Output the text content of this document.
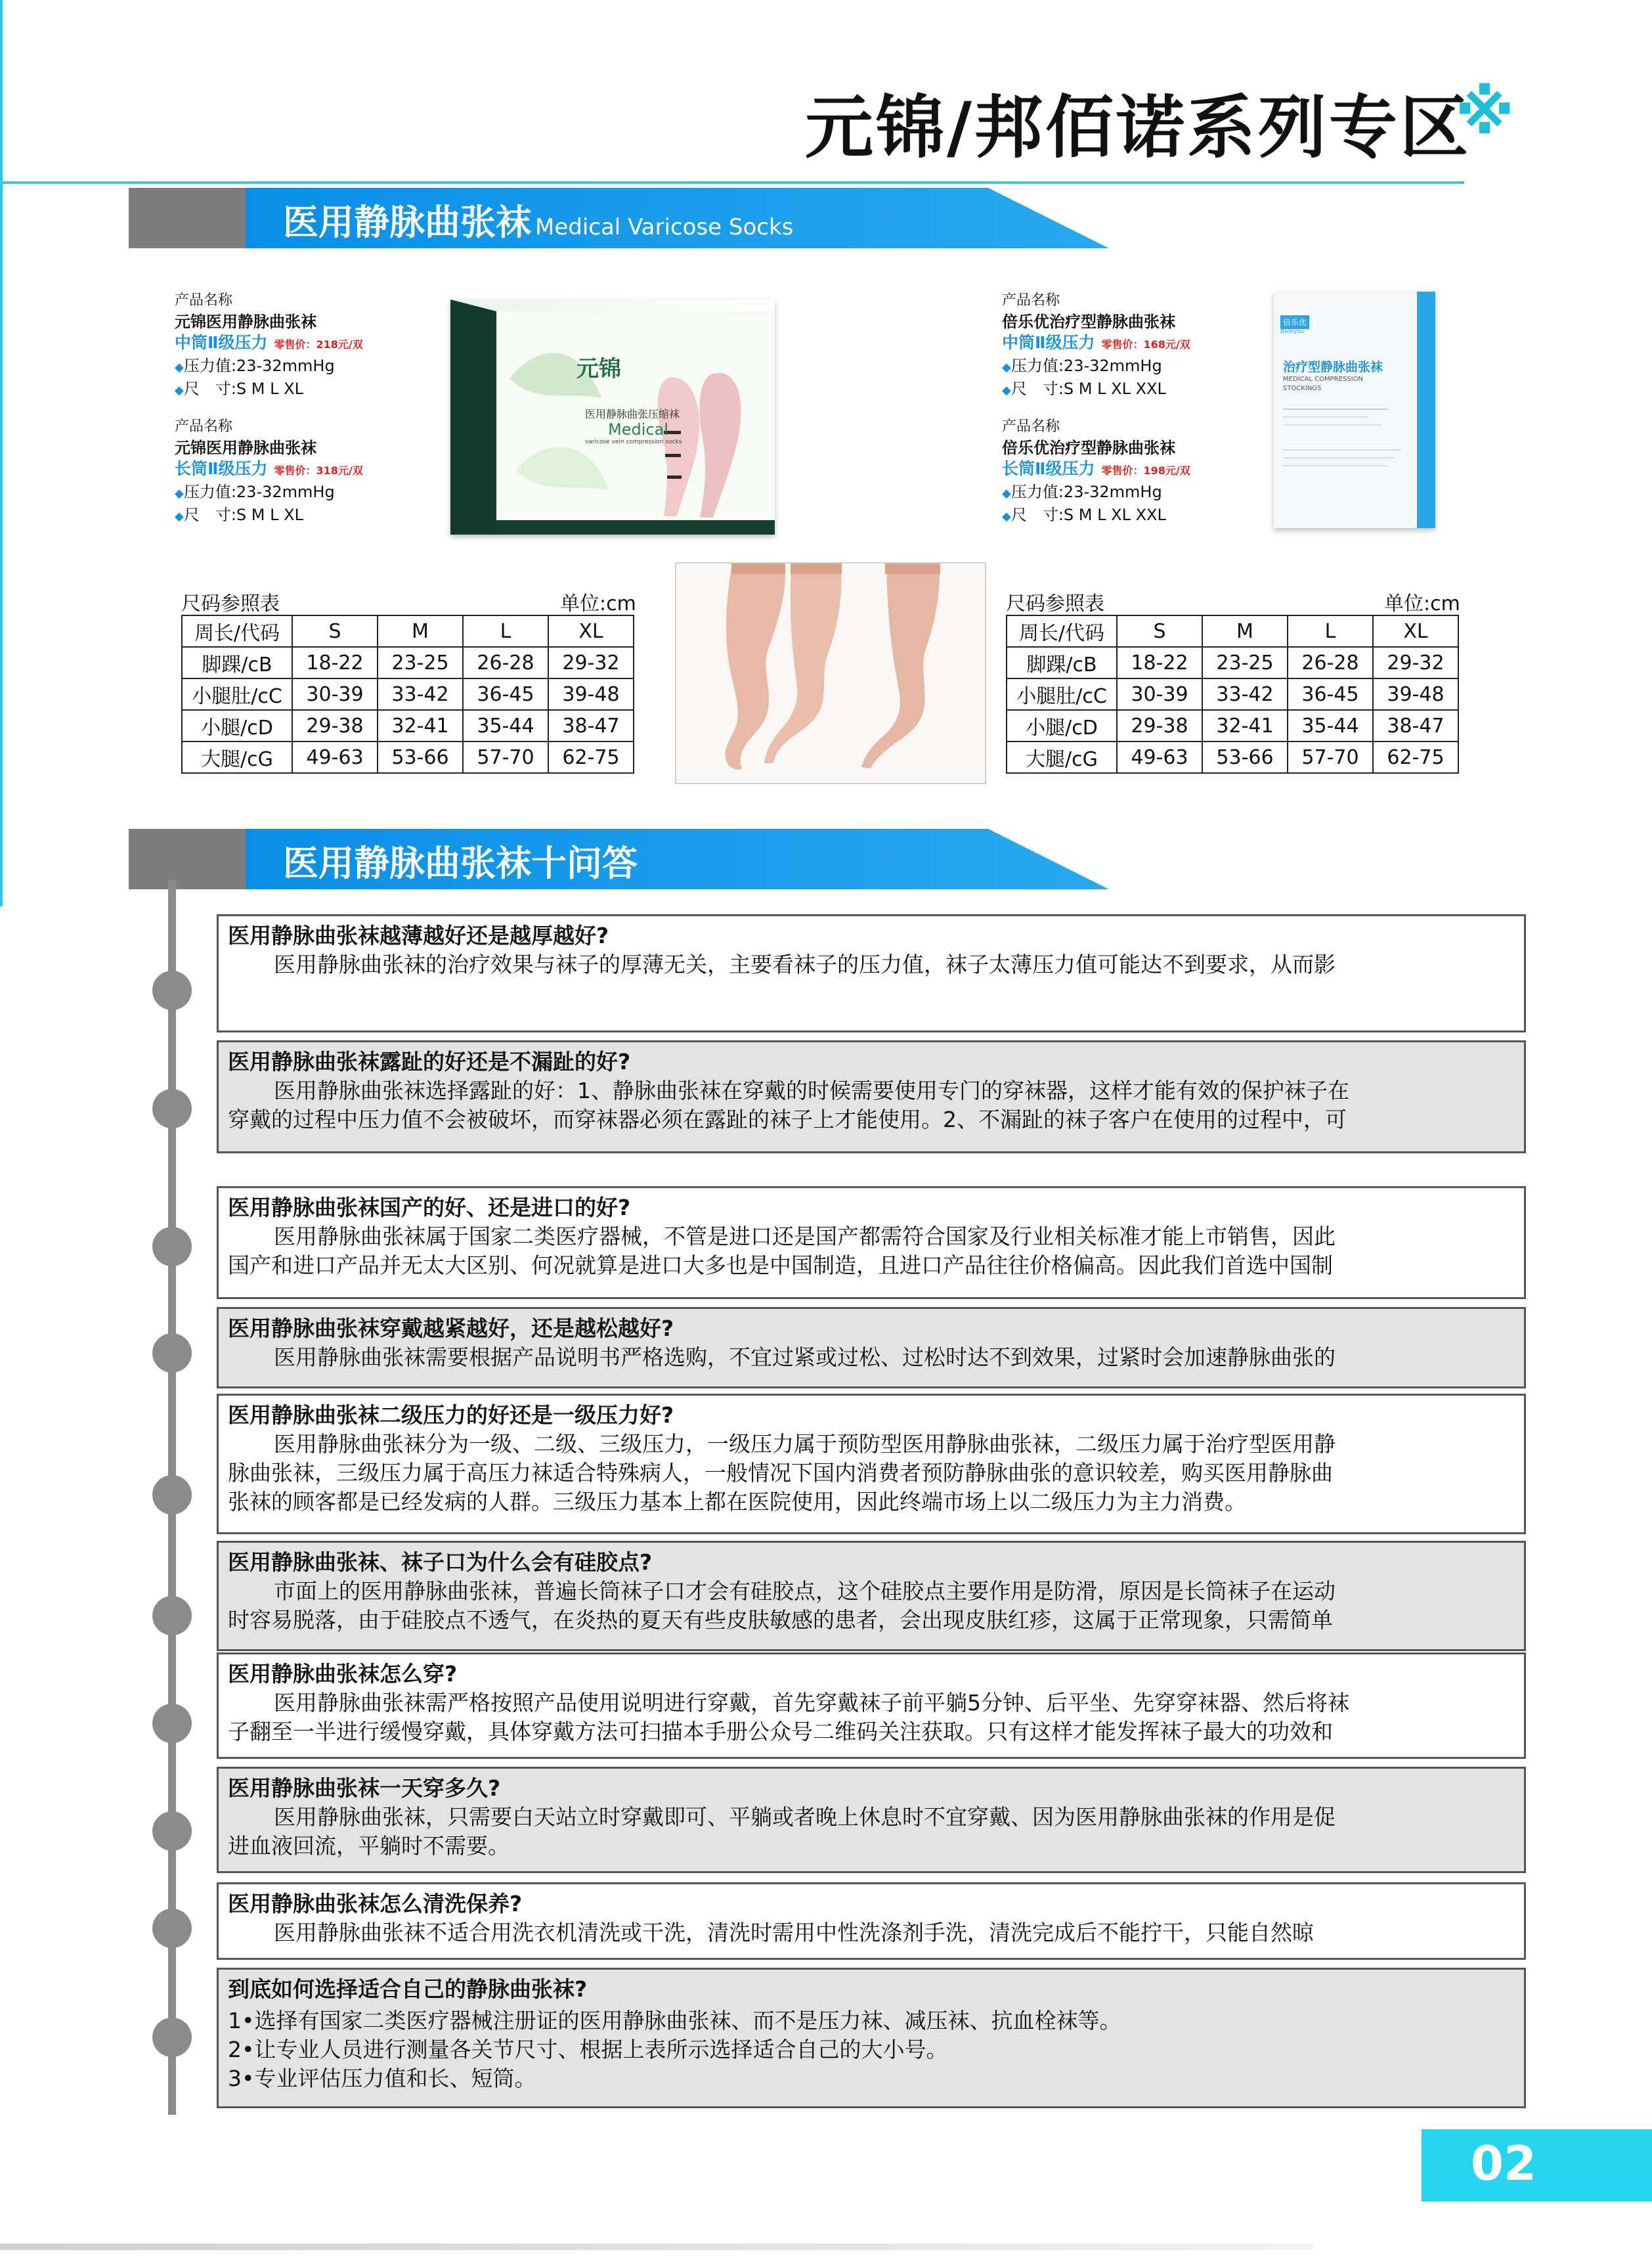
元锦/邦佰诺系列专区
※
医用静脉曲张袜 Medical Varicose Socks
产品名称
元锦医用静脉曲张袜
中筒Ⅱ级压力 零售价：218元/双
◆压力值:23-32mmHg
◆尺　寸:S M L XL
产品名称
元锦医用静脉曲张袜
长筒Ⅱ级压力 零售价：318元/双
◆压力值:23-32mmHg
◆尺　寸:S M L XL
元锦
医用静脉曲张压缩袜
Medical
varicose vein compression socks
产品名称
倍乐优治疗型静脉曲张袜
中筒Ⅱ级压力 零售价：168元/双
◆压力值:23-32mmHg
◆尺　寸:S M L XL XXL
产品名称
倍乐优治疗型静脉曲张袜
长筒Ⅱ级压力 零售价：198元/双
◆压力值:23-32mmHg
◆尺　寸:S M L XL XXL
倍乐优
Beleyou
治疗型静脉曲张袜
MEDICAL COMPRESSION
STOCKINGS
尺码参照表	单位:cm
周长/代码	S	M	L	XL
脚踝/cB	18-22	23-25	26-28	29-32
小腿肚/cC	30-39	33-42	36-45	39-48
小腿/cD	29-38	32-41	35-44	38-47
大腿/cG	49-63	53-66	57-70	62-75
尺码参照表	单位:cm
周长/代码	S	M	L	XL
脚踝/cB	18-22	23-25	26-28	29-32
小腿肚/cC	30-39	33-42	36-45	39-48
小腿/cD	29-38	32-41	35-44	38-47
大腿/cG	49-63	53-66	57-70	62-75
医用静脉曲张袜十问答
医用静脉曲张袜越薄越好还是越厚越好?
医用静脉曲张袜的治疗效果与袜子的厚薄无关，主要看袜子的压力值，袜子太薄压力值可能达不到要求，从而影
医用静脉曲张袜露趾的好还是不漏趾的好?
医用静脉曲张袜选择露趾的好：1、静脉曲张袜在穿戴的时候需要使用专门的穿袜器，这样才能有效的保护袜子在
穿戴的过程中压力值不会被破坏，而穿袜器必须在露趾的袜子上才能使用。2、不漏趾的袜子客户在使用的过程中，可
医用静脉曲张袜国产的好、还是进口的好?
医用静脉曲张袜属于国家二类医疗器械，不管是进口还是国产都需符合国家及行业相关标准才能上市销售，因此
国产和进口产品并无太大区别、何况就算是进口大多也是中国制造，且进口产品往往价格偏高。因此我们首选中国制
医用静脉曲张袜穿戴越紧越好，还是越松越好?
医用静脉曲张袜需要根据产品说明书严格选购，不宜过紧或过松、过松时达不到效果，过紧时会加速静脉曲张的
医用静脉曲张袜二级压力的好还是一级压力好?
医用静脉曲张袜分为一级、二级、三级压力，一级压力属于预防型医用静脉曲张袜，二级压力属于治疗型医用静
脉曲张袜，三级压力属于高压力袜适合特殊病人，一般情况下国内消费者预防静脉曲张的意识较差，购买医用静脉曲
张袜的顾客都是已经发病的人群。三级压力基本上都在医院使用，因此终端市场上以二级压力为主力消费。
医用静脉曲张袜、袜子口为什么会有硅胶点?
市面上的医用静脉曲张袜，普遍长筒袜子口才会有硅胶点，这个硅胶点主要作用是防滑，原因是长筒袜子在运动
时容易脱落，由于硅胶点不透气，在炎热的夏天有些皮肤敏感的患者，会出现皮肤红疹，这属于正常现象，只需简单
医用静脉曲张袜怎么穿?
医用静脉曲张袜需严格按照产品使用说明进行穿戴，首先穿戴袜子前平躺5分钟、后平坐、先穿穿袜器、然后将袜
子翻至一半进行缓慢穿戴，具体穿戴方法可扫描本手册公众号二维码关注获取。只有这样才能发挥袜子最大的功效和
医用静脉曲张袜一天穿多久?
医用静脉曲张袜，只需要白天站立时穿戴即可、平躺或者晚上休息时不宜穿戴、因为医用静脉曲张袜的作用是促
进血液回流，平躺时不需要。
医用静脉曲张袜怎么清洗保养?
医用静脉曲张袜不适合用洗衣机清洗或干洗，清洗时需用中性洗涤剂手洗，清洗完成后不能拧干，只能自然晾
到底如何选择适合自己的静脉曲张袜?
1•选择有国家二类医疗器械注册证的医用静脉曲张袜、而不是压力袜、减压袜、抗血栓袜等。
2•让专业人员进行测量各关节尺寸、根据上表所示选择适合自己的大小号。
3•专业评估压力值和长、短筒。
02
